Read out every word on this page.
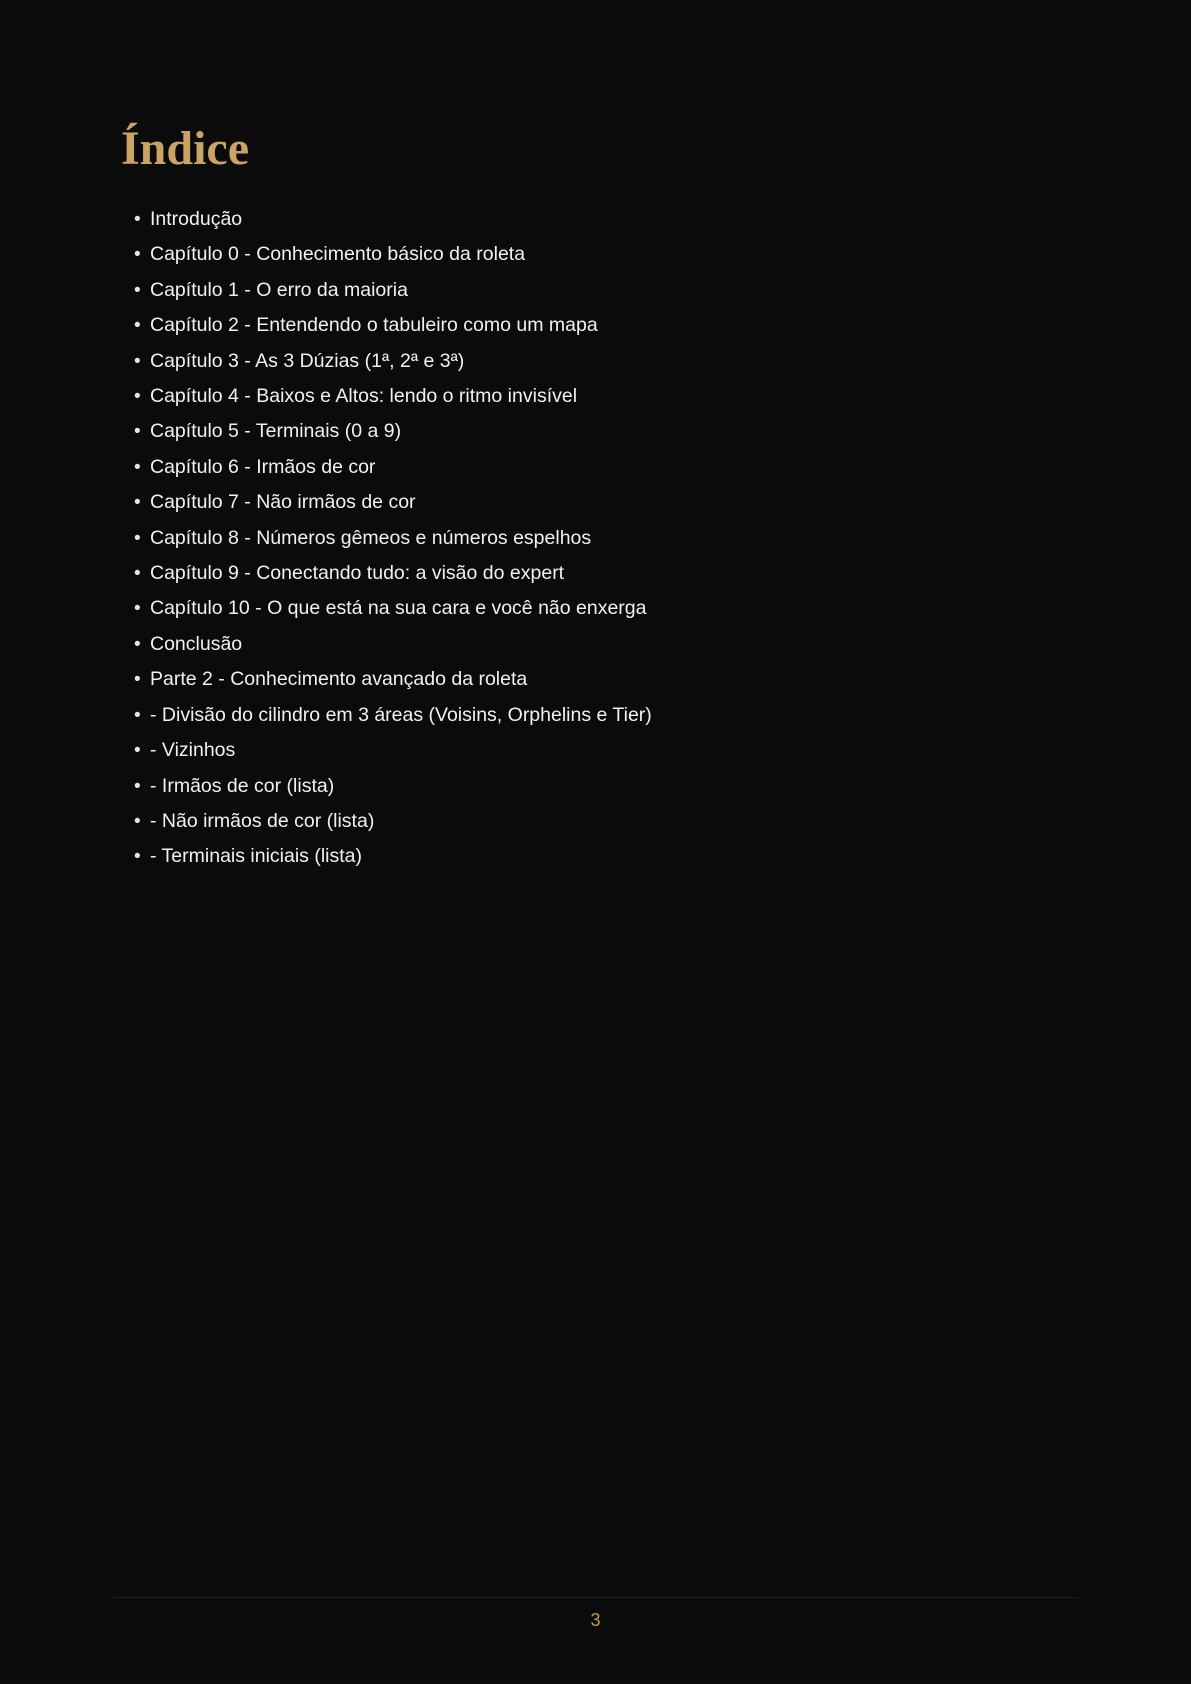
Índice
• Introdução
• Capítulo 0 - Conhecimento básico da roleta
• Capítulo 1 - O erro da maioria
• Capítulo 2 - Entendendo o tabuleiro como um mapa
• Capítulo 3 - As 3 Dúzias (1ª, 2ª e 3ª)
• Capítulo 4 - Baixos e Altos: lendo o ritmo invisível
• Capítulo 5 - Terminais (0 a 9)
• Capítulo 6 - Irmãos de cor
• Capítulo 7 - Não irmãos de cor
• Capítulo 8 - Números gêmeos e números espelhos
• Capítulo 9 - Conectando tudo: a visão do expert
• Capítulo 10 - O que está na sua cara e você não enxerga
• Conclusão
• Parte 2 - Conhecimento avançado da roleta
• - Divisão do cilindro em 3 áreas (Voisins, Orphelins e Tier)
• - Vizinhos
• - Irmãos de cor (lista)
• - Não irmãos de cor (lista)
• - Terminais iniciais (lista)
3
